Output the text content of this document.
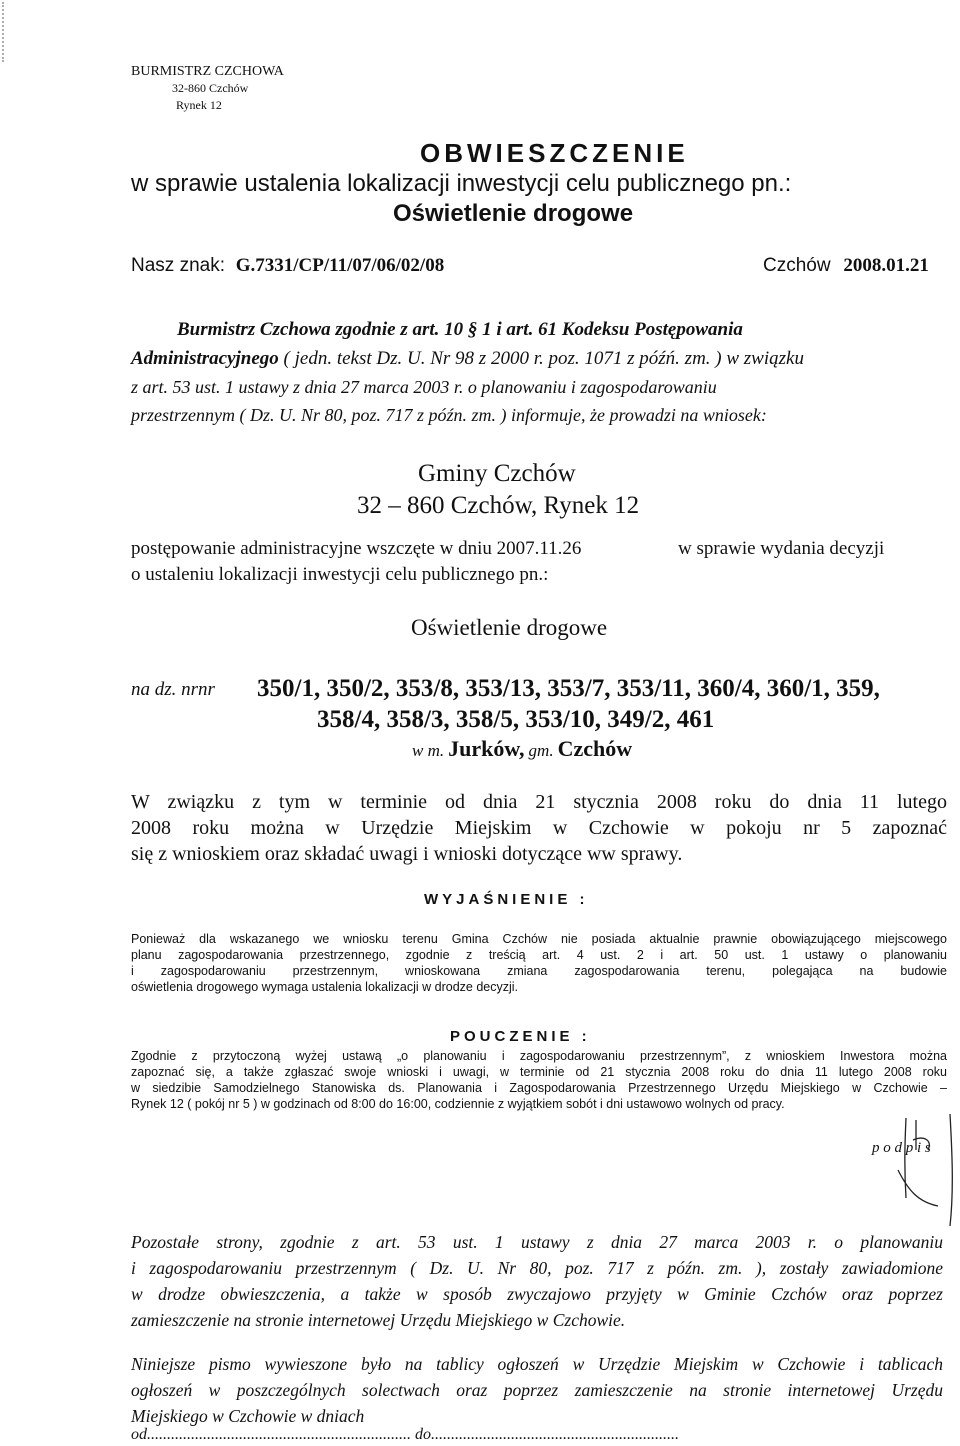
BURMISTRZ CZCHOWA
32-860 Czchów
Rynek 12
OBWIESZCZENIE
w sprawie ustalenia lokalizacji inwestycji celu publicznego pn.:
Oświetlenie drogowe
Nasz znak: G.7331/CP/11/07/06/02/08	Czchów 2008.01.21
Burmistrz Czchowa zgodnie z art. 10 § 1 i art. 61 Kodeksu Postępowania
Administracyjnego ( jedn. tekst Dz. U. Nr 98 z 2000 r. poz. 1071 z późń. zm. ) w związku
z art. 53 ust. 1 ustawy z dnia 27 marca 2003 r. o planowaniu i zagospodarowaniu
przestrzennym ( Dz. U. Nr 80, poz. 717 z późn. zm. ) informuje, że prowadzi na wniosek:
Gminy Czchów
32 – 860 Czchów, Rynek 12
postępowanie administracyjne wszczęte w dniu 2007.11.26	w sprawie wydania decyzji
o ustaleniu lokalizacji inwestycji celu publicznego pn.:
Oświetlenie drogowe
na dz. nrnr 350/1, 350/2, 353/8, 353/13, 353/7, 353/11, 360/4, 360/1, 359,
358/4, 358/3, 358/5, 353/10, 349/2, 461
w m. Jurków, gm. Czchów
W związku z tym w terminie od dnia 21 stycznia 2008 roku do dnia 11 lutego
2008 roku można w Urzędzie Miejskim w Czchowie w pokoju nr 5 zapoznać
się z wnioskiem oraz składać uwagi i wnioski dotyczące ww sprawy.
WYJAŚNIENIE :
Ponieważ dla wskazanego we wniosku terenu Gmina Czchów nie posiada aktualnie prawnie obowiązującego miejscowego
planu zagospodarowania przestrzennego, zgodnie z treścią art. 4 ust. 2 i art. 50 ust. 1 ustawy o planowaniu
i zagospodarowaniu przestrzennym, wnioskowana zmiana zagospodarowania terenu, polegająca na budowie
oświetlenia drogowego wymaga ustalenia lokalizacji w drodze decyzji.
POUCZENIE :
Zgodnie z przytoczoną wyżej ustawą „o planowaniu i zagospodarowaniu przestrzennym”, z wnioskiem Inwestora można
zapoznać się, a także zgłaszać swoje wnioski i uwagi, w terminie od 21 stycznia 2008 roku do dnia 11 lutego 2008 roku
w siedzibie Samodzielnego Stanowiska ds. Planowania i Zagospodarowania Przestrzennego Urzędu Miejskiego w Czchowie –
Rynek 12 ( pokój nr 5 ) w godzinach od 8:00 do 16:00, codziennie z wyjątkiem sobót i dni ustawowo wolnych od pracy.
p o d p i s
Pozostałe strony, zgodnie z art. 53 ust. 1 ustawy z dnia 27 marca 2003 r. o planowaniu
i zagospodarowaniu przestrzennym ( Dz. U. Nr 80, poz. 717 z późn. zm. ), zostały zawiadomione
w drodze obwieszczenia, a także w sposób zwyczajowo przyjęty w Gminie Czchów oraz poprzez
zamieszczenie na stronie internetowej Urzędu Miejskiego w Czchowie.
Niniejsze pismo wywieszone było na tablicy ogłoszeń w Urzędzie Miejskim w Czchowie i tablicach
ogłoszeń w poszczególnych solectwach oraz poprzez zamieszczenie na stronie internetowej Urzędu
Miejskiego w Czchowie w dniach
od.................................................................. do..............................................................
